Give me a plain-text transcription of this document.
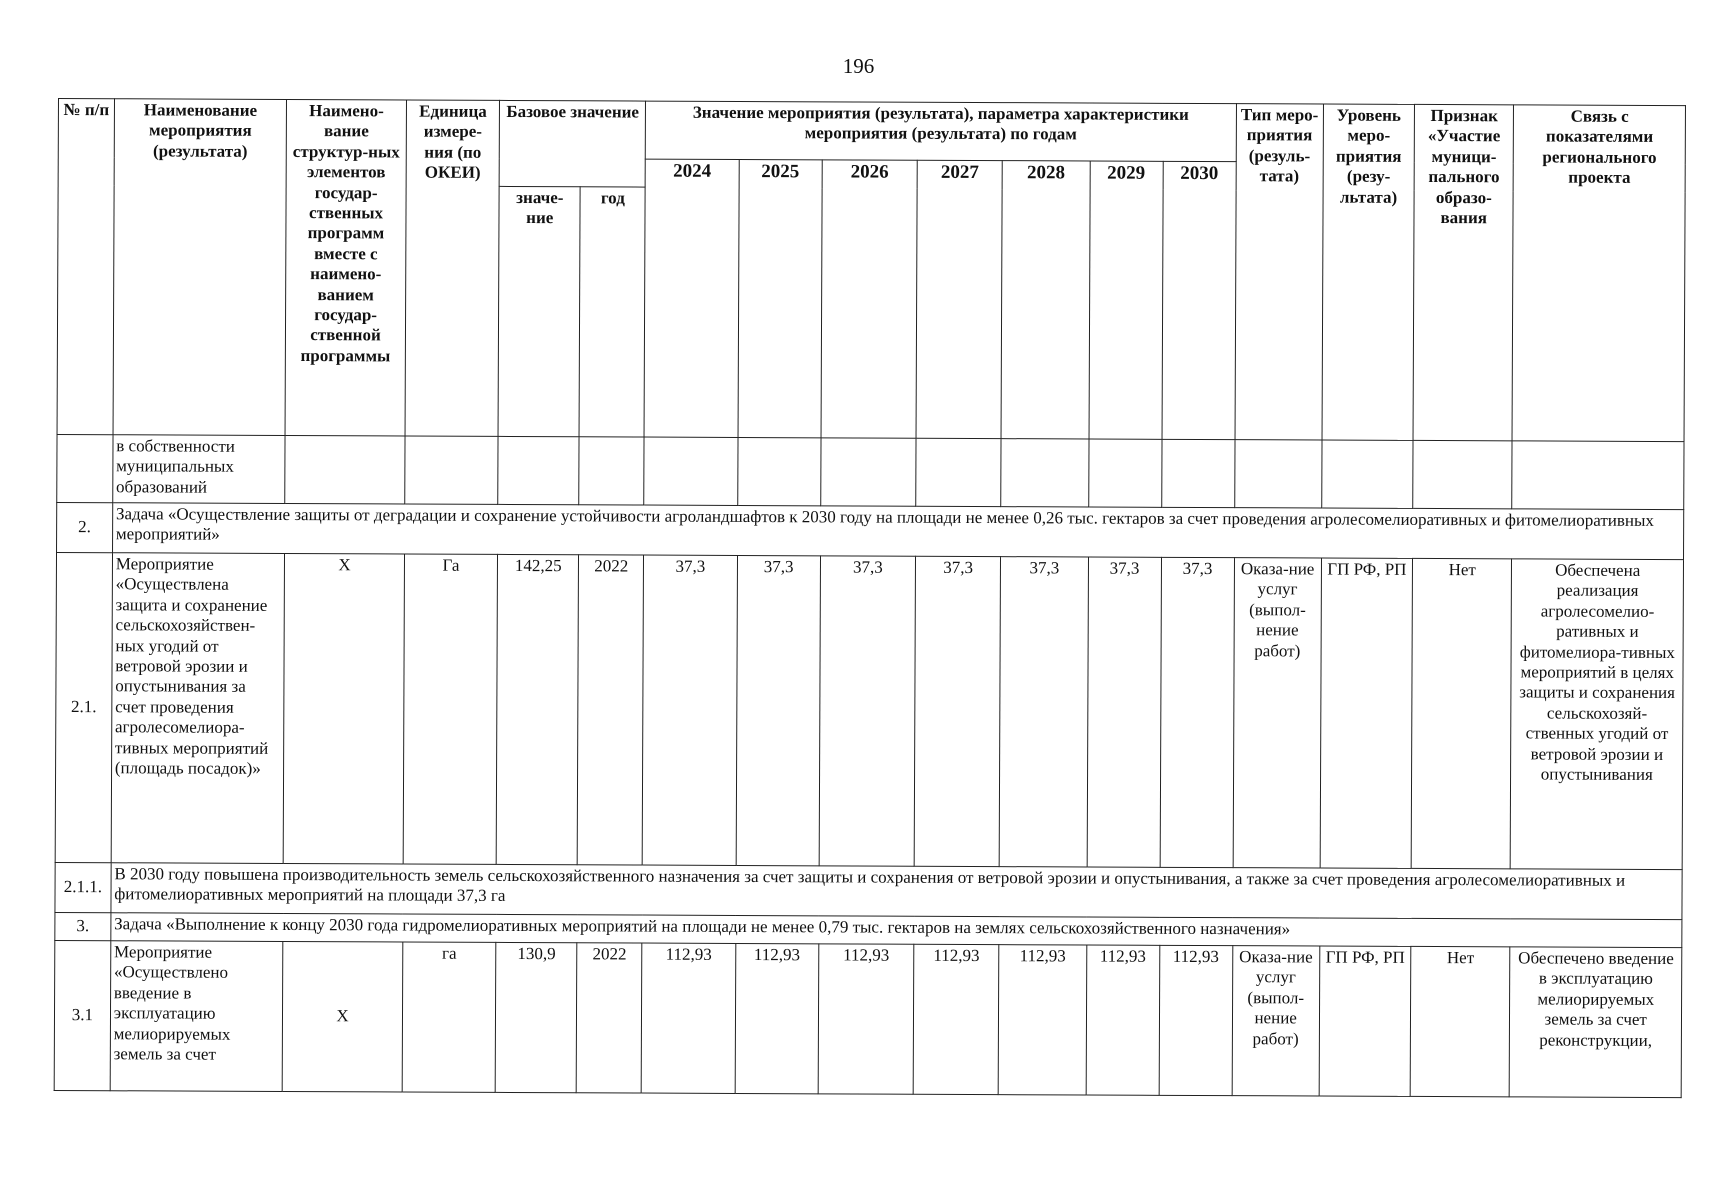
196
№ п/п	Наименование мероприятия (результата)	Наимено-вание структур-ных элементов государ-ственных программ вместе с наимено-ванием государ-ственной программы	Единица измере-ния (по ОКЕИ)	Базовое значение		Значение мероприятия (результата), параметра характеристики мероприятия (результата) по годам							Тип меро-приятия (резуль-тата)	Уровень меро-приятия (резу-льтата)	Признак «Участие муници-пального образо-вания	Связь с показателями регионального проекта
						2024	2025	2026	2027	2028	2029	2030				
				значе-ние	год											
	в собственности муниципальных образований															
2.	Задача «Осуществление защиты от деградации и сохранение устойчивости агроландшафтов к 2030 году на площади не менее 0,26 тыс. гектаров за счет проведения агролесомелиоративных и фитомелиоративных мероприятий»															
2.1.	Мероприятие «Осуществлена защита и сохранение сельскохозяйствен-ных угодий от ветровой эрозии и опустынивания за счет проведения агролесомелиора-тивных мероприятий (площадь посадок)»	Х	Га	142,25	2022	37,3	37,3	37,3	37,3	37,3	37,3	37,3	Оказа-ние услуг (выпол-нение работ)	ГП РФ, РП	Нет	Обеспечена реализация агролесомелио-ративных и фитомелиора-тивных мероприятий в целях защиты и сохранения сельскохозяй-ственных угодий от ветровой эрозии и опустынивания
2.1.1.	В 2030 году повышена производительность земель сельскохозяйственного назначения за счет защиты и сохранения от ветровой эрозии и опустынивания, а также за счет проведения агролесомелиоративных и фитомелиоративных мероприятий на площади 37,3 га															
3.	Задача «Выполнение к концу 2030 года гидромелиоративных мероприятий на площади не менее 0,79 тыс. гектаров на землях сельскохозяйственного назначения»															
3.1	Мероприятие «Осуществлено введение в эксплуатацию мелиорируемых земель за счет	Х	га	130,9	2022	112,93	112,93	112,93	112,93	112,93	112,93	112,93	Оказа-ние услуг (выпол-нение работ)	ГП РФ, РП	Нет	Обеспечено введение в эксплуатацию мелиорируемых земель за счет реконструкции,
